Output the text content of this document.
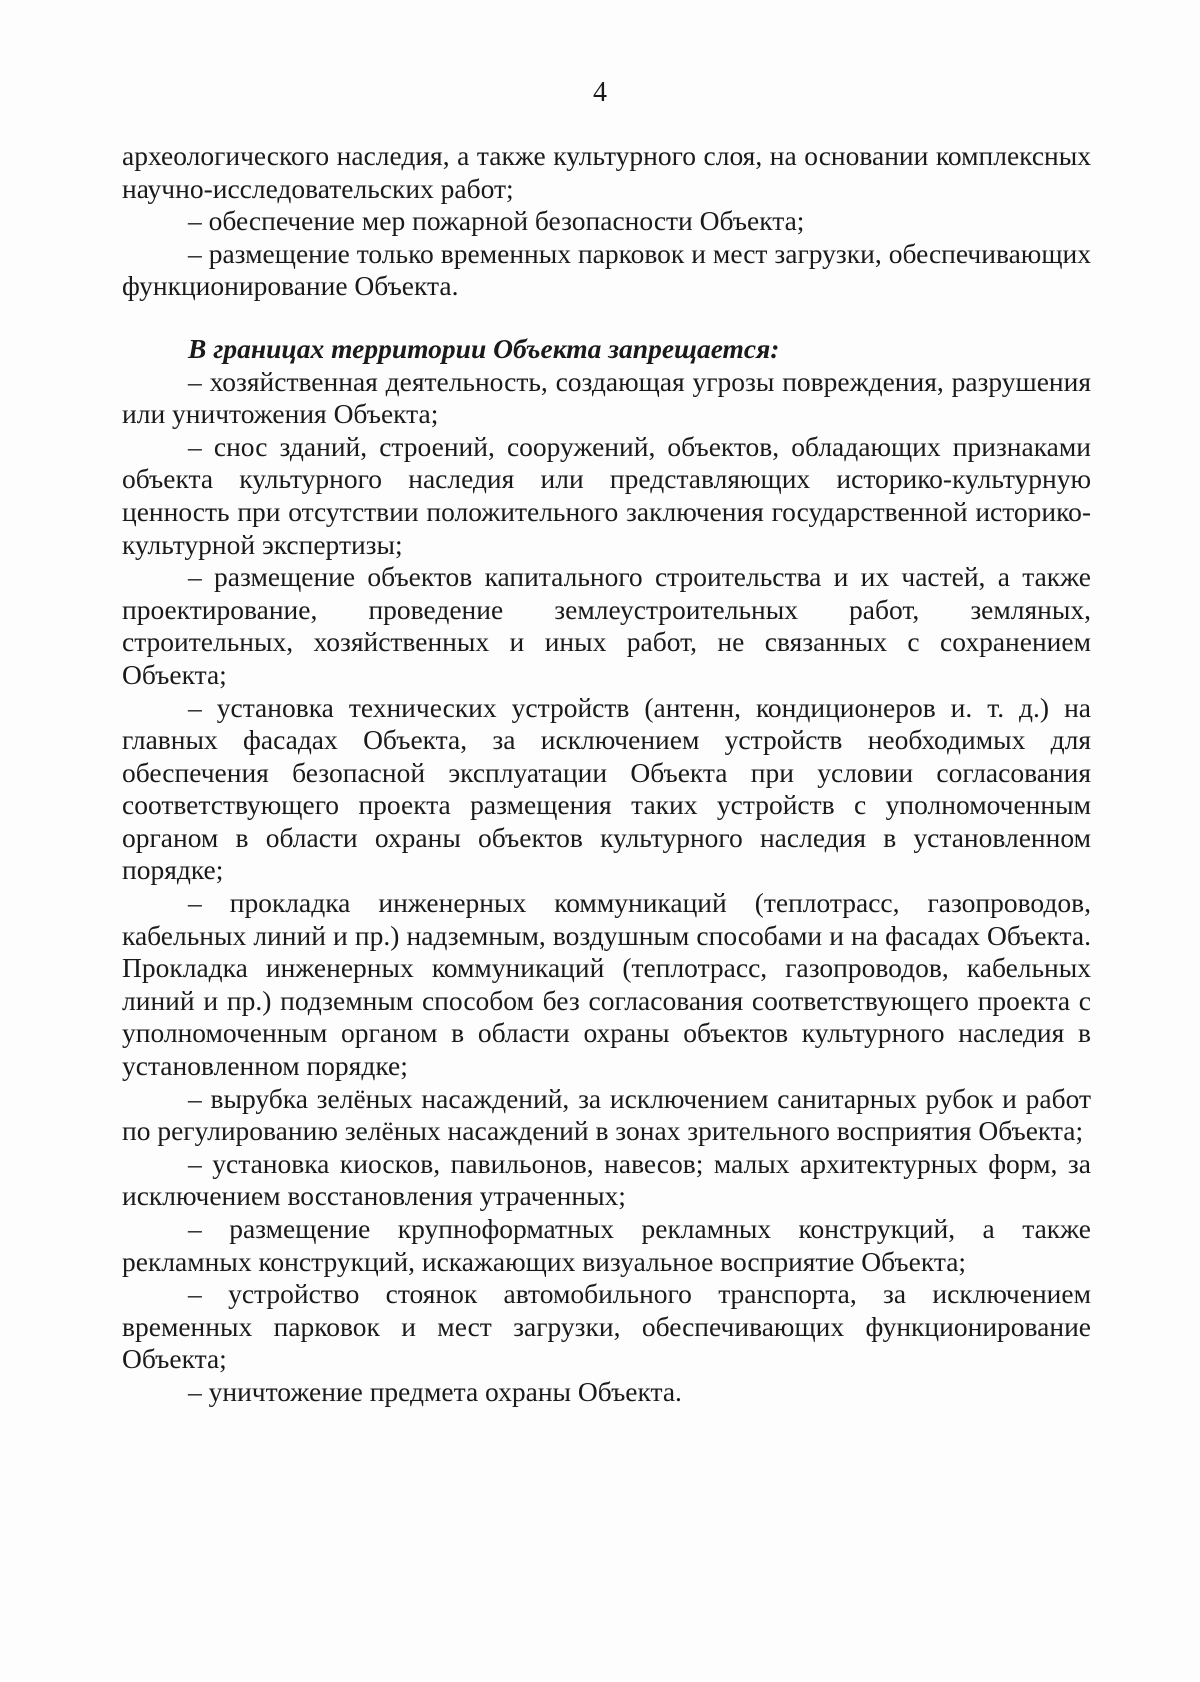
4

археологического наследия, а также культурного слоя, на основании комплексных научно-исследовательских работ;

– обеспечение мер пожарной безопасности Объекта;

– размещение только временных парковок и мест загрузки, обеспечивающих функционирование Объекта.

В границах территории Объекта запрещается:

– хозяйственная деятельность, создающая угрозы повреждения, разрушения или уничтожения Объекта;

– снос зданий, строений, сооружений, объектов, обладающих признаками объекта культурного наследия или представляющих историко-культурную ценность при отсутствии положительного заключения государственной историко-культурной экспертизы;

– размещение объектов капитального строительства и их частей, а также проектирование, проведение землеустроительных работ, земляных, строительных, хозяйственных и иных работ, не связанных с сохранением Объекта;

– установка технических устройств (антенн, кондиционеров и. т. д.) на главных фасадах Объекта, за исключением устройств необходимых для обеспечения безопасной эксплуатации Объекта при условии согласования соответствующего проекта размещения таких устройств с уполномоченным органом в области охраны объектов культурного наследия в установленном порядке;

– прокладка инженерных коммуникаций (теплотрасс, газопроводов, кабельных линий и пр.) надземным, воздушным способами и на фасадах Объекта. Прокладка инженерных коммуникаций (теплотрасс, газопроводов, кабельных линий и пр.) подземным способом без согласования соответствующего проекта с уполномоченным органом в области охраны объектов культурного наследия в установленном порядке;

– вырубка зелёных насаждений, за исключением санитарных рубок и работ по регулированию зелёных насаждений в зонах зрительного восприятия Объекта;

– установка киосков, павильонов, навесов; малых архитектурных форм, за исключением восстановления утраченных;

– размещение крупноформатных рекламных конструкций, а также рекламных конструкций, искажающих визуальное восприятие Объекта;

– устройство стоянок автомобильного транспорта, за исключением временных парковок и мест загрузки, обеспечивающих функционирование Объекта;

– уничтожение предмета охраны Объекта.
